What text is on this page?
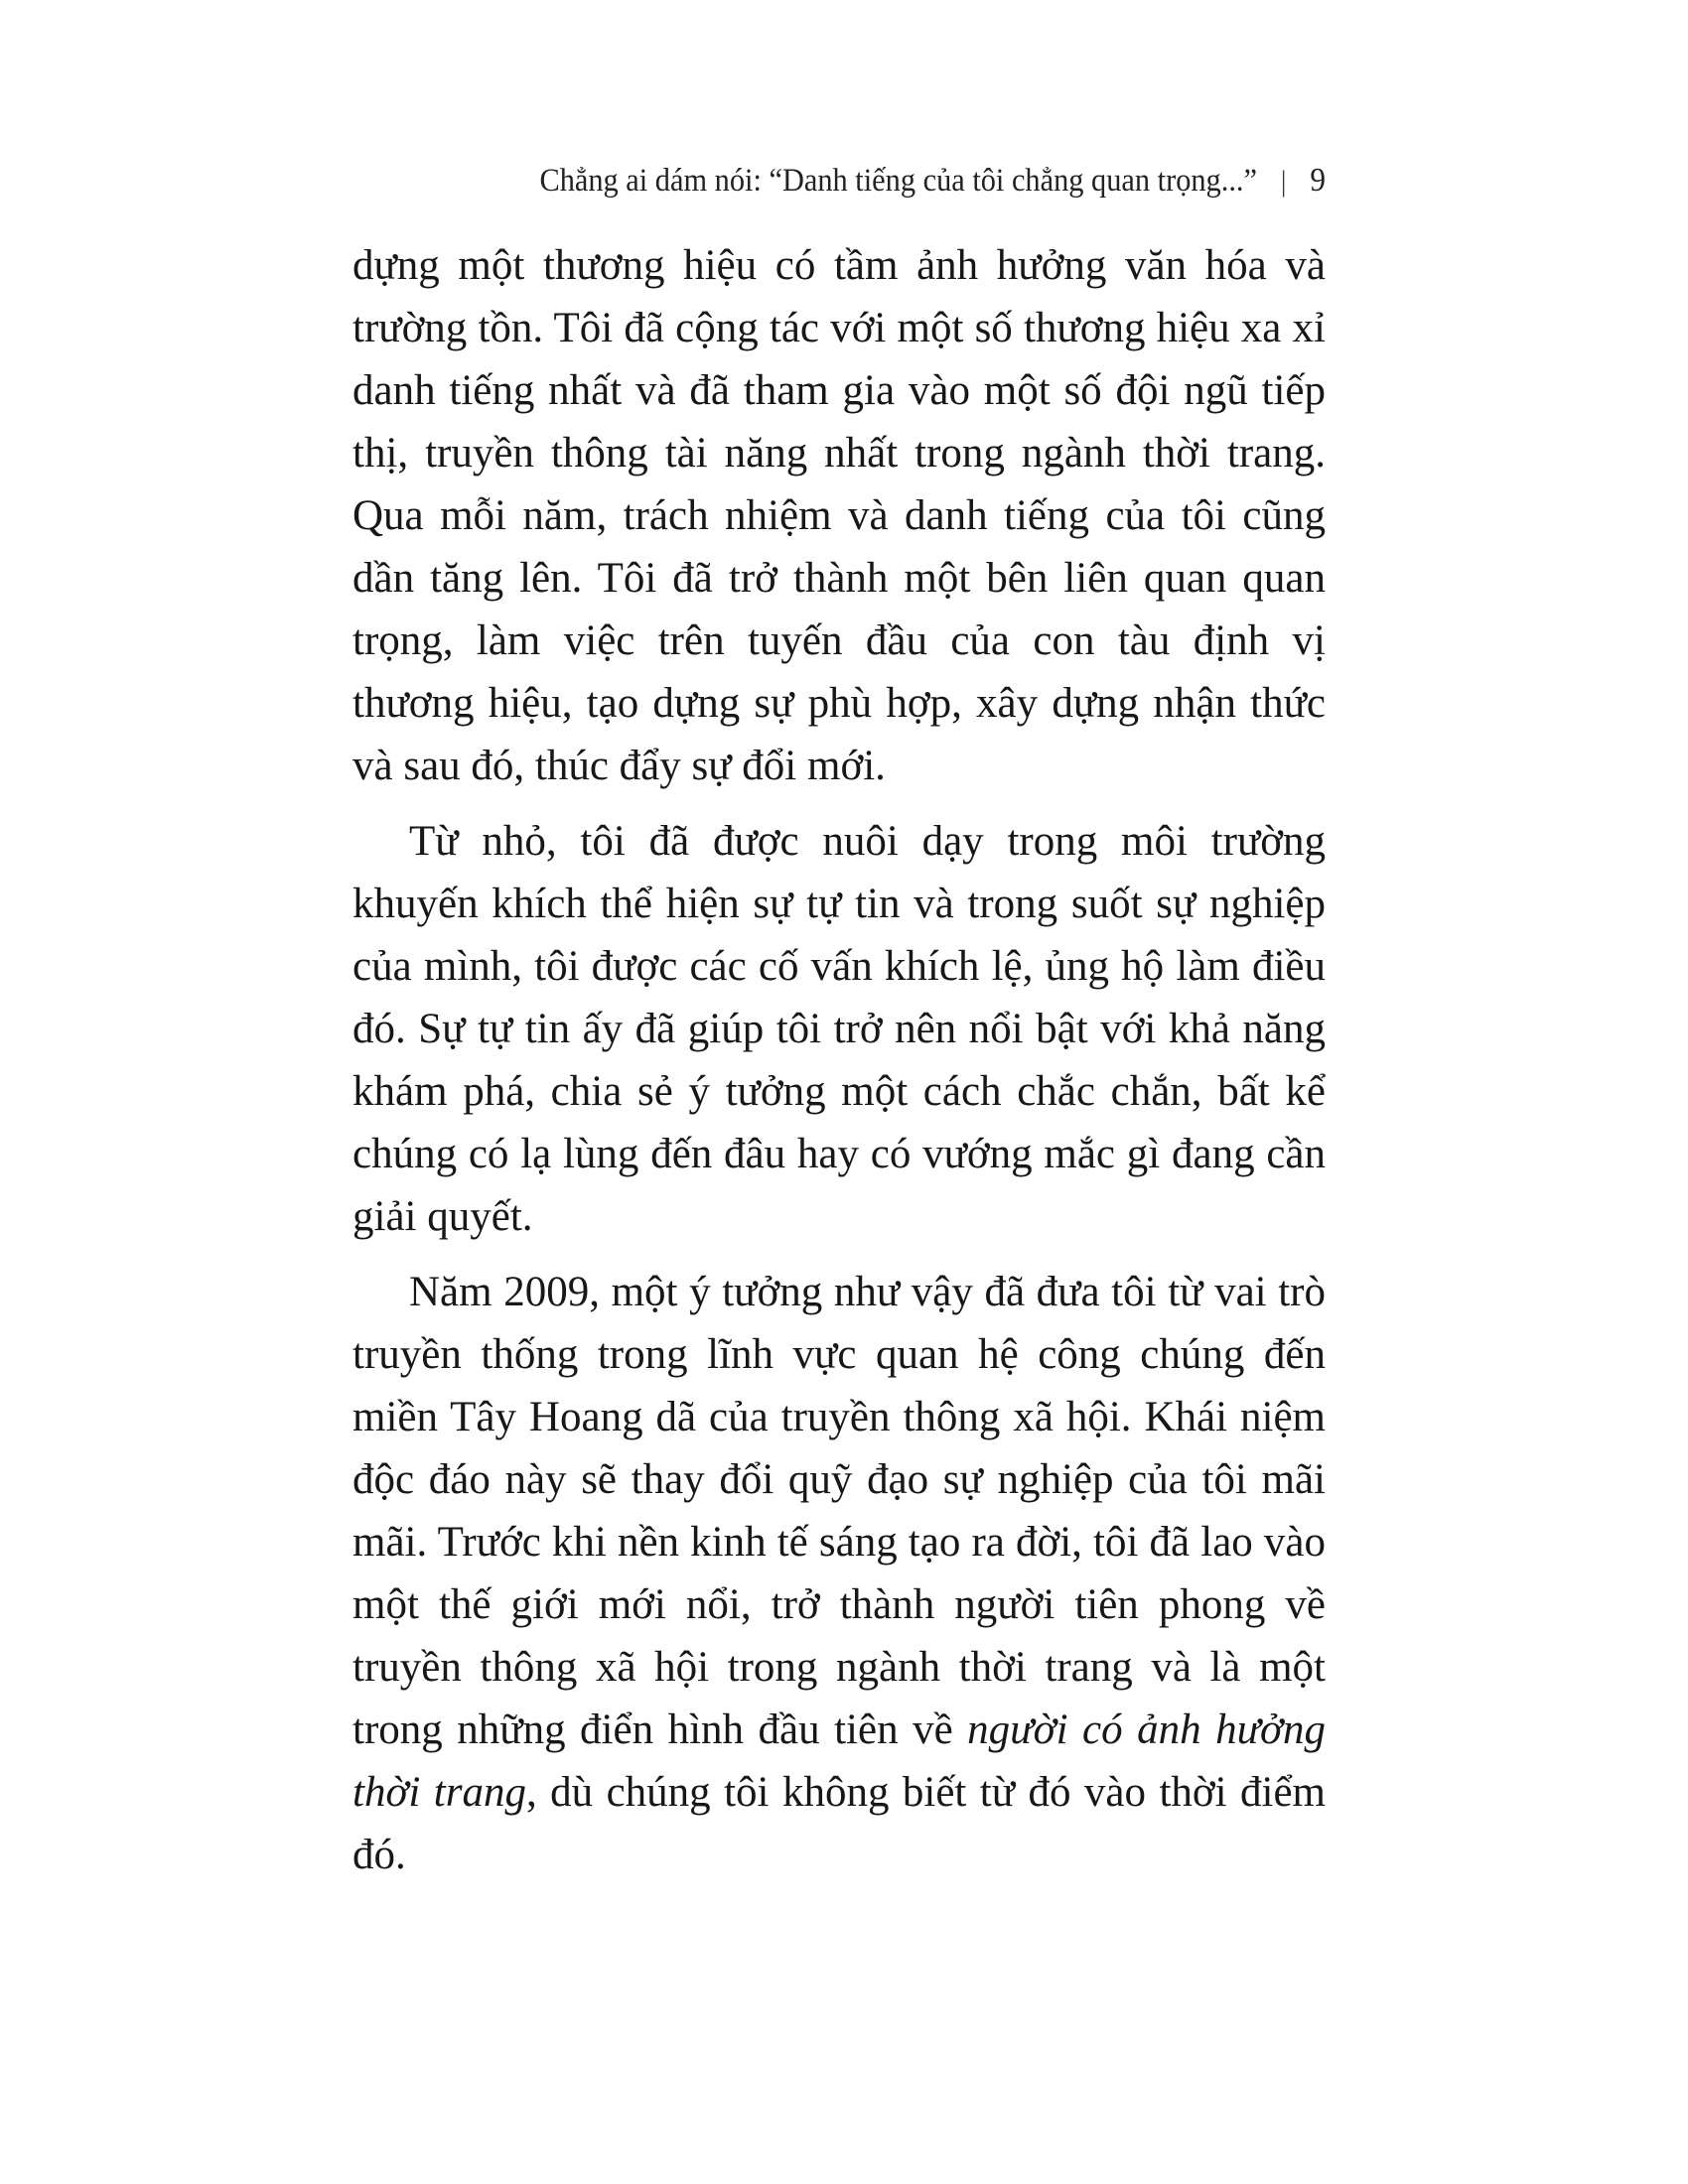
Chẳng ai dám nói: “Danh tiếng của tôi chẳng quan trọng...” | 9

dựng một thương hiệu có tầm ảnh hưởng văn hóa và trường tồn. Tôi đã cộng tác với một số thương hiệu xa xỉ danh tiếng nhất và đã tham gia vào một số đội ngũ tiếp thị, truyền thông tài năng nhất trong ngành thời trang. Qua mỗi năm, trách nhiệm và danh tiếng của tôi cũng dần tăng lên. Tôi đã trở thành một bên liên quan quan trọng, làm việc trên tuyến đầu của con tàu định vị thương hiệu, tạo dựng sự phù hợp, xây dựng nhận thức và sau đó, thúc đẩy sự đổi mới.

Từ nhỏ, tôi đã được nuôi dạy trong môi trường khuyến khích thể hiện sự tự tin và trong suốt sự nghiệp của mình, tôi được các cố vấn khích lệ, ủng hộ làm điều đó. Sự tự tin ấy đã giúp tôi trở nên nổi bật với khả năng khám phá, chia sẻ ý tưởng một cách chắc chắn, bất kể chúng có lạ lùng đến đâu hay có vướng mắc gì đang cần giải quyết.

Năm 2009, một ý tưởng như vậy đã đưa tôi từ vai trò truyền thống trong lĩnh vực quan hệ công chúng đến miền Tây Hoang dã của truyền thông xã hội. Khái niệm độc đáo này sẽ thay đổi quỹ đạo sự nghiệp của tôi mãi mãi. Trước khi nền kinh tế sáng tạo ra đời, tôi đã lao vào một thế giới mới nổi, trở thành người tiên phong về truyền thông xã hội trong ngành thời trang và là một trong những điển hình đầu tiên về người có ảnh hưởng thời trang, dù chúng tôi không biết từ đó vào thời điểm đó.
